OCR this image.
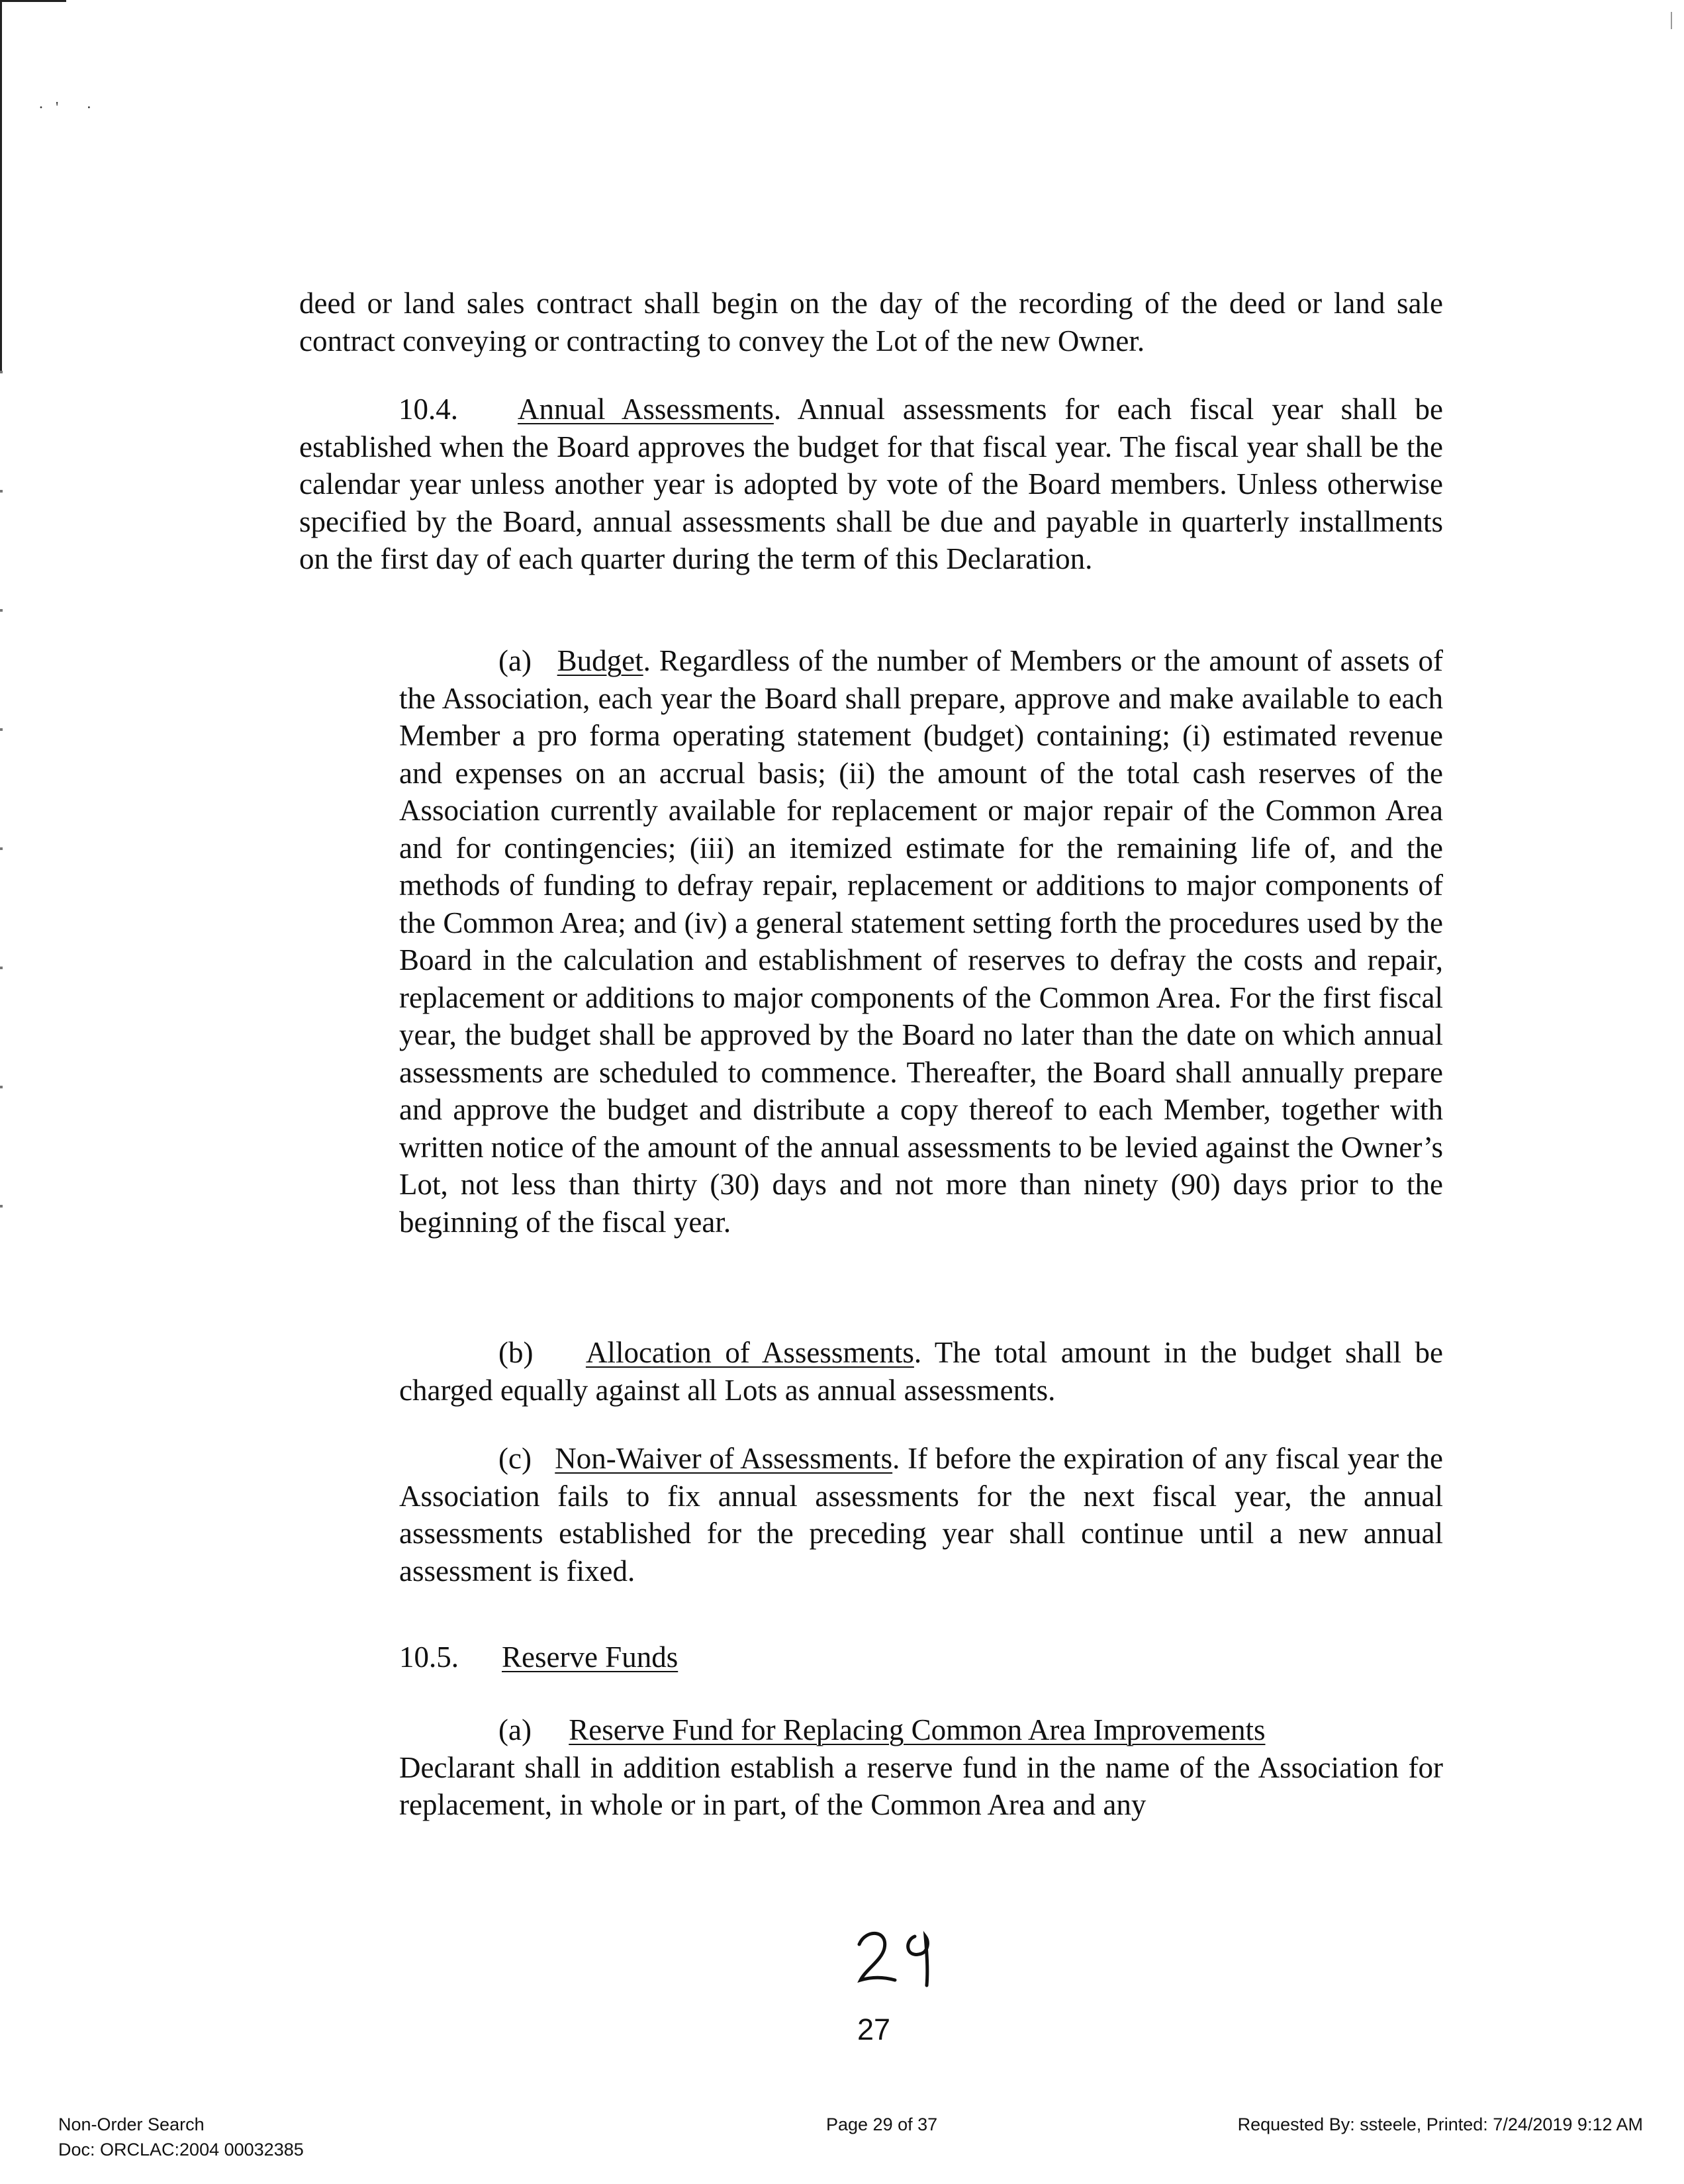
·' ·

deed or land sales contract shall begin on the day of the recording of the deed or land sale contract conveying or contracting to convey the Lot of the new Owner.

10.4. Annual Assessments. Annual assessments for each fiscal year shall be established when the Board approves the budget for that fiscal year. The fiscal year shall be the calendar year unless another year is adopted by vote of the Board members. Unless otherwise specified by the Board, annual assessments shall be due and payable in quarterly installments on the first day of each quarter during the term of this Declaration.

(a) Budget. Regardless of the number of Members or the amount of assets of the Association, each year the Board shall prepare, approve and make available to each Member a pro forma operating statement (budget) containing; (i) estimated revenue and expenses on an accrual basis; (ii) the amount of the total cash reserves of the Association currently available for replacement or major repair of the Common Area and for contingencies; (iii) an itemized estimate for the remaining life of, and the methods of funding to defray repair, replacement or additions to major components of the Common Area; and (iv) a general statement setting forth the procedures used by the Board in the calculation and establishment of reserves to defray the costs and repair, replacement or additions to major components of the Common Area. For the first fiscal year, the budget shall be approved by the Board no later than the date on which annual assessments are scheduled to commence. Thereafter, the Board shall annually prepare and approve the budget and distribute a copy thereof to each Member, together with written notice of the amount of the annual assessments to be levied against the Owner’s Lot, not less than thirty (30) days and not more than ninety (90) days prior to the beginning of the fiscal year.

(b) Allocation of Assessments. The total amount in the budget shall be charged equally against all Lots as annual assessments.

(c) Non-Waiver of Assessments. If before the expiration of any fiscal year the Association fails to fix annual assessments for the next fiscal year, the annual assessments established for the preceding year shall continue until a new annual assessment is fixed.

10.5. Reserve Funds

(a) Reserve Fund for Replacing Common Area Improvements

Declarant shall in addition establish a reserve fund in the name of the Association for replacement, in whole or in part, of the Common Area and any

27
Non-Order Search
Doc: ORCLAC:2004 00032385
Page 29 of 37	Requested By: ssteele, Printed: 7/24/2019 9:12 AM
